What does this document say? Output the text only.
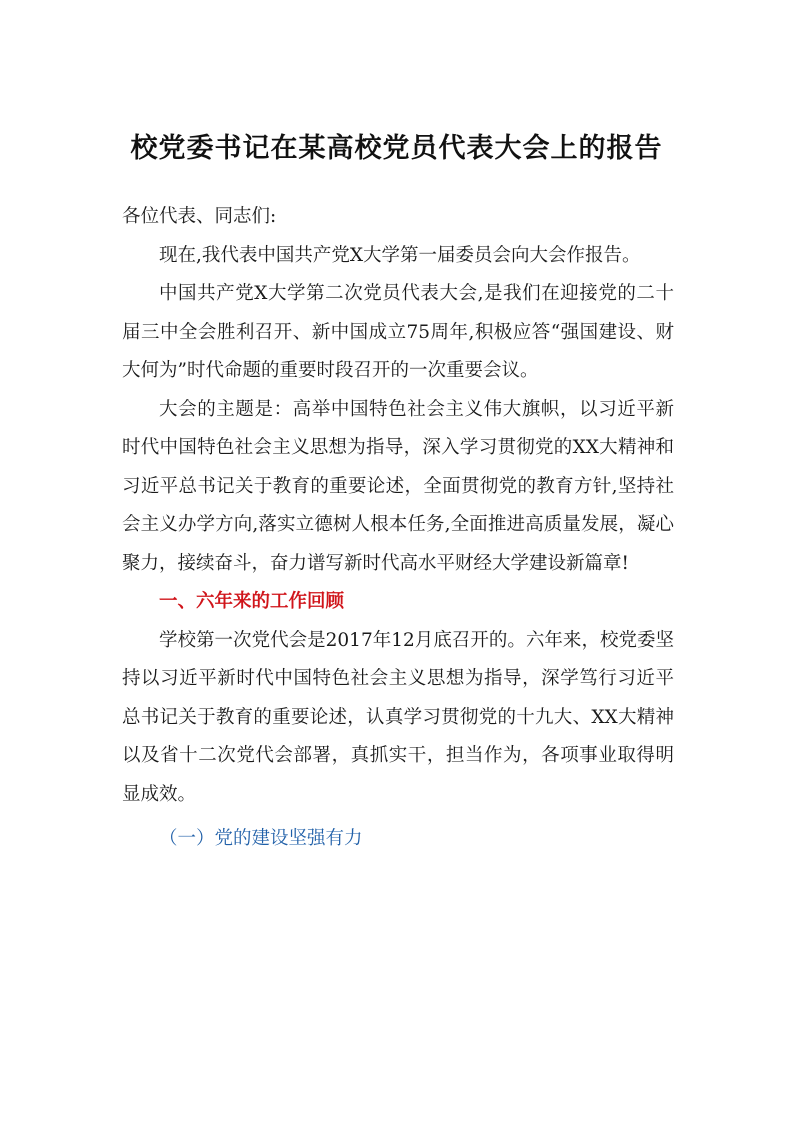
校党委书记在某高校党员代表大会上的报告

各位代表、同志们:

现在,我代表中国共产党X大学第一届委员会向大会作报告。

中国共产党X大学第二次党员代表大会,是我们在迎接党的二十届三中全会胜利召开、新中国成立75周年,积极应答“强国建设、财大何为”时代命题的重要时段召开的一次重要会议。

大会的主题是：高举中国特色社会主义伟大旗帜，以习近平新时代中国特色社会主义思想为指导，深入学习贯彻党的XX大精神和习近平总书记关于教育的重要论述，全面贯彻党的教育方针,坚持社会主义办学方向,落实立德树人根本任务,全面推进高质量发展，凝心聚力，接续奋斗，奋力谱写新时代高水平财经大学建设新篇章!

一、六年来的工作回顾

学校第一次党代会是2017年12月底召开的。六年来，校党委坚持以习近平新时代中国特色社会主义思想为指导，深学笃行习近平总书记关于教育的重要论述，认真学习贯彻党的十九大、XX大精神以及省十二次党代会部署，真抓实干，担当作为，各项事业取得明显成效。

（一）党的建设坚强有力
